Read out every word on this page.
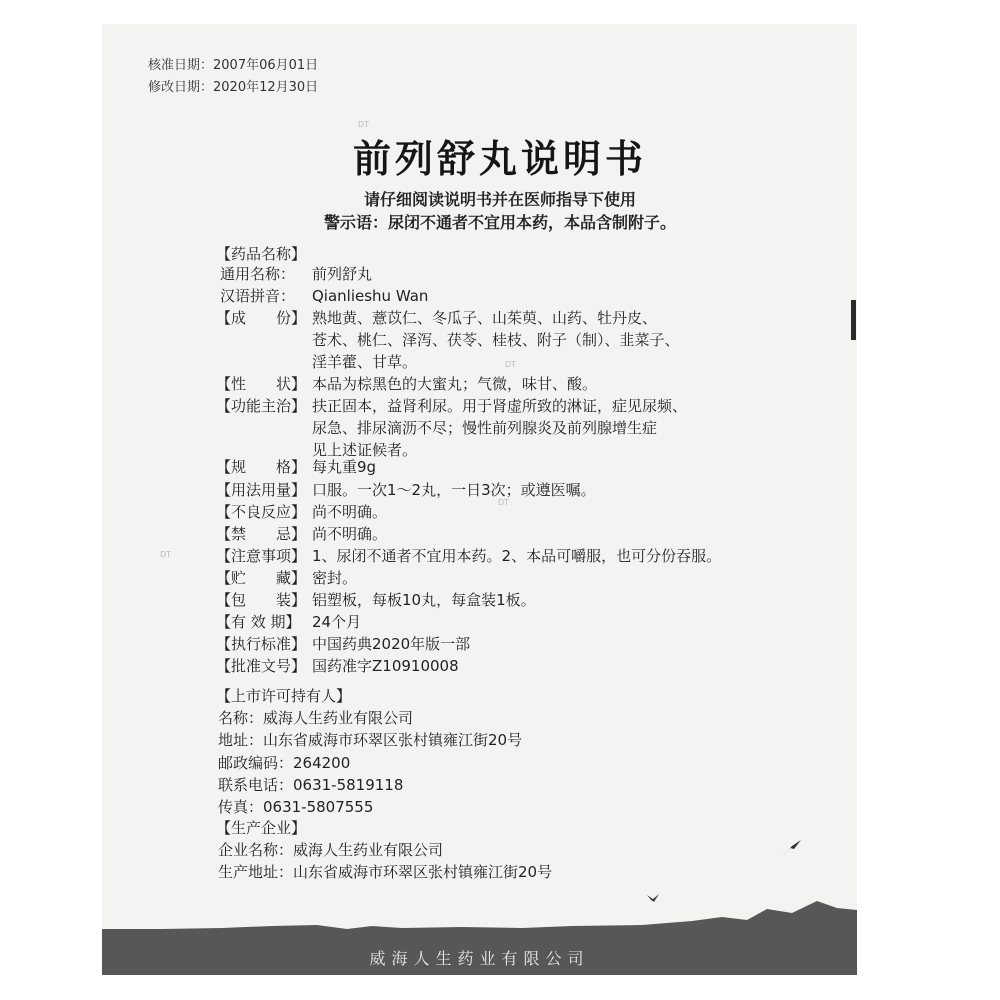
DT
DT
DT
DT
核准日期：2007年06月01日
修改日期：2020年12月30日
前列舒丸说明书
请仔细阅读说明书并在医师指导下使用
警示语：尿闭不通者不宜用本药，本品含制附子。
【药品名称】
通用名称： 前列舒丸
汉语拼音： Qianlieshu Wan
【成　　份】 熟地黄、薏苡仁、冬瓜子、山茱萸、山药、牡丹皮、
苍术、桃仁、泽泻、茯苓、桂枝、附子（制）、韭菜子、
淫羊藿、甘草。
【性　　状】 本品为棕黑色的大蜜丸；气微，味甘、酸。
【功能主治】 扶正固本，益肾利尿。用于肾虚所致的淋证，症见尿频、
尿急、排尿滴沥不尽；慢性前列腺炎及前列腺增生症
见上述证候者。
【规　　格】 每丸重9g
【用法用量】 口服。一次1～2丸，一日3次；或遵医嘱。
【不良反应】 尚不明确。
【禁　　忌】 尚不明确。
【注意事项】 1、尿闭不通者不宜用本药。2、本品可嚼服，也可分份吞服。
【贮　　藏】 密封。
【包　　装】 铝塑板，每板10丸，每盒装1板。
【有 效 期】 24个月
【执行标准】 中国药典2020年版一部
【批准文号】 国药准字Z10910008
【上市许可持有人】
名称：威海人生药业有限公司
地址：山东省威海市环翠区张村镇雍江街20号
邮政编码：264200
联系电话：0631-5819118
传真：0631-5807555
【生产企业】
企业名称：威海人生药业有限公司
生产地址：山东省威海市环翠区张村镇雍江街20号
威海人生药业有限公司
